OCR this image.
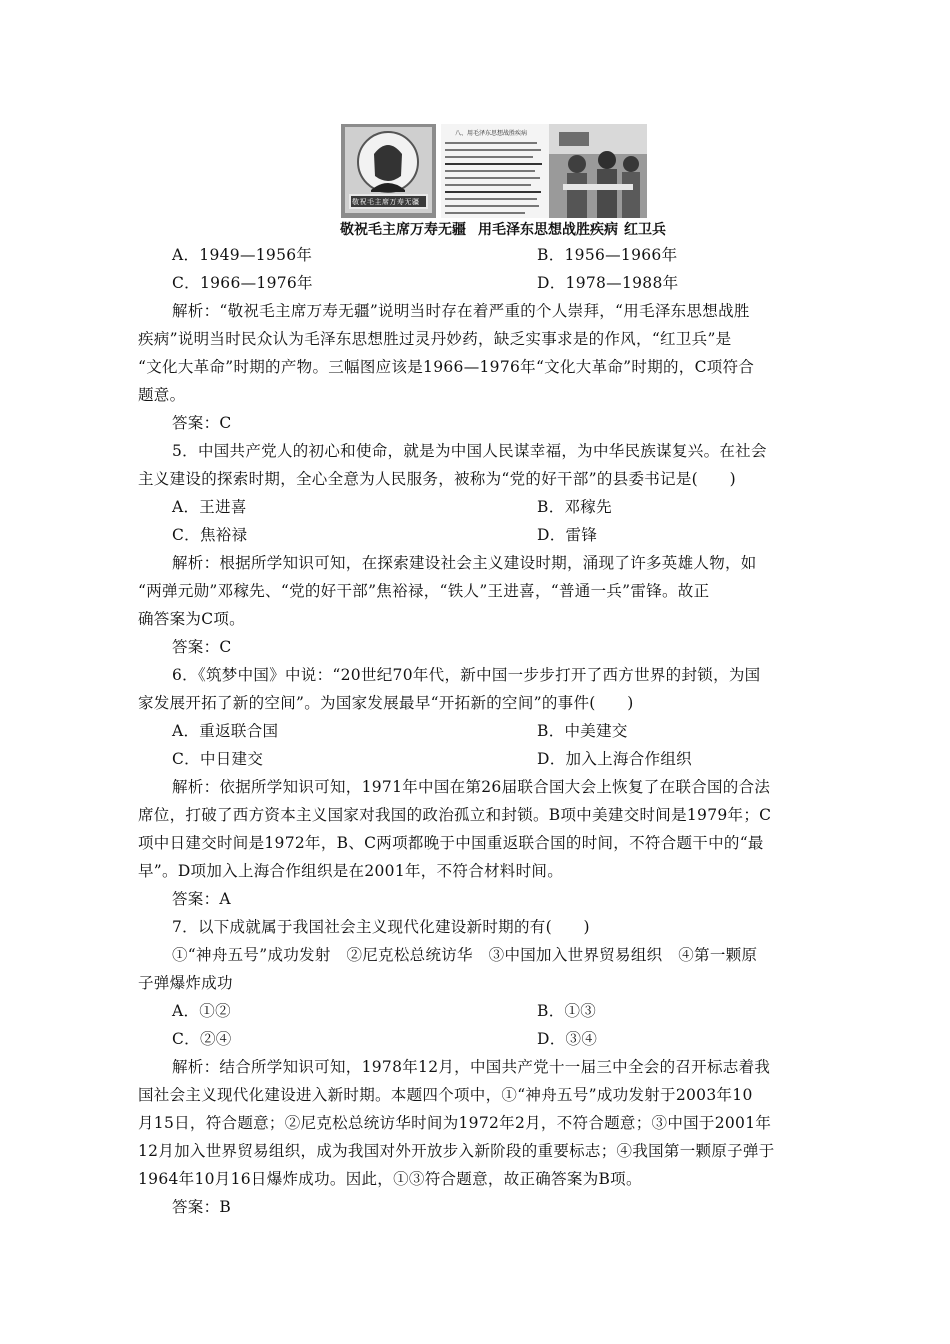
敬祝毛主席万寿无疆
八、用毛泽东思想战胜疾病
敬祝毛主席万寿无疆 用毛泽东思想战胜疾病 红卫兵
A．1949—1956年	B．1956—1966年
C．1966—1976年	D．1978—1988年
解析：“敬祝毛主席万寿无疆”说明当时存在着严重的个人崇拜，“用毛泽东思想战胜
疾病”说明当时民众认为毛泽东思想胜过灵丹妙药，缺乏实事求是的作风，“红卫兵”是
“文化大革命”时期的产物。三幅图应该是1966—1976年“文化大革命”时期的，C项符合
题意。
答案：C
5．中国共产党人的初心和使命，就是为中国人民谋幸福，为中华民族谋复兴。在社会
主义建设的探索时期，全心全意为人民服务，被称为“党的好干部”的县委书记是(　　)
A．王进喜	B．邓稼先
C．焦裕禄	D．雷锋
解析：根据所学知识可知，在探索建设社会主义建设时期，涌现了许多英雄人物，如
“两弹元勋”邓稼先、“党的好干部”焦裕禄，“铁人”王进喜，“普通一兵”雷锋。故正
确答案为C项。
答案：C
6．《筑梦中国》中说：“20世纪70年代，新中国一步步打开了西方世界的封锁，为国
家发展开拓了新的空间”。为国家发展最早“开拓新的空间”的事件(　　)
A．重返联合国	B．中美建交
C．中日建交	D．加入上海合作组织
解析：依据所学知识可知，1971年中国在第26届联合国大会上恢复了在联合国的合法
席位，打破了西方资本主义国家对我国的政治孤立和封锁。B项中美建交时间是1979年；C
项中日建交时间是1972年，B、C两项都晚于中国重返联合国的时间，不符合题干中的“最
早”。D项加入上海合作组织是在2001年，不符合材料时间。
答案：A
7．以下成就属于我国社会主义现代化建设新时期的有(　　)
①“神舟五号”成功发射　②尼克松总统访华　③中国加入世界贸易组织　④第一颗原
子弹爆炸成功
A．①②	B．①③
C．②④	D．③④
解析：结合所学知识可知，1978年12月，中国共产党十一届三中全会的召开标志着我
国社会主义现代化建设进入新时期。本题四个项中，①“神舟五号”成功发射于2003年10
月15日，符合题意；②尼克松总统访华时间为1972年2月，不符合题意；③中国于2001年
12月加入世界贸易组织，成为我国对外开放步入新阶段的重要标志；④我国第一颗原子弹于
1964年10月16日爆炸成功。因此，①③符合题意，故正确答案为B项。
答案：B
